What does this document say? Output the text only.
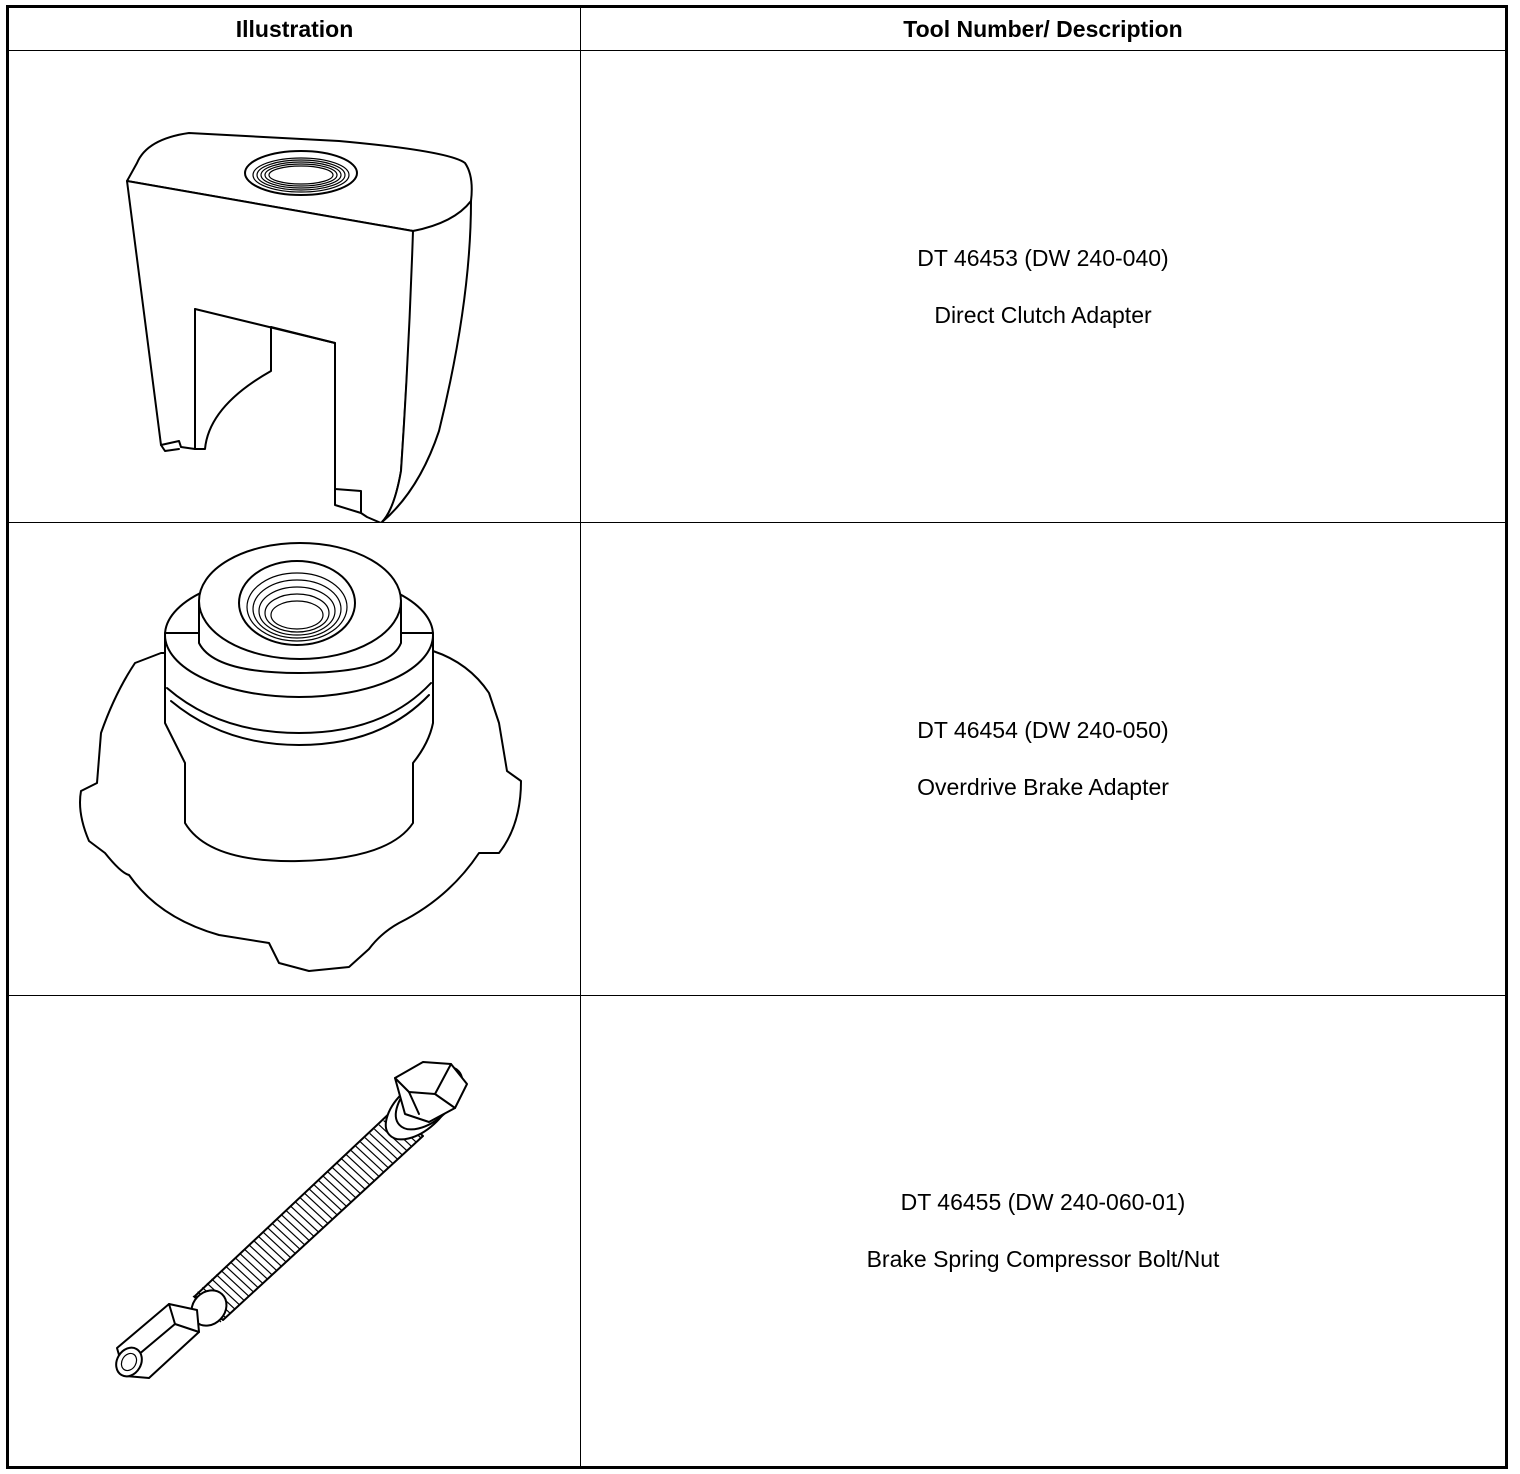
Illustration	Tool Number/ Description
DT 46453 (DW 240-040)
Direct Clutch Adapter
DT 46454 (DW 240-050)
Overdrive Brake Adapter
DT 46455 (DW 240-060-01)
Brake Spring Compressor Bolt/Nut
